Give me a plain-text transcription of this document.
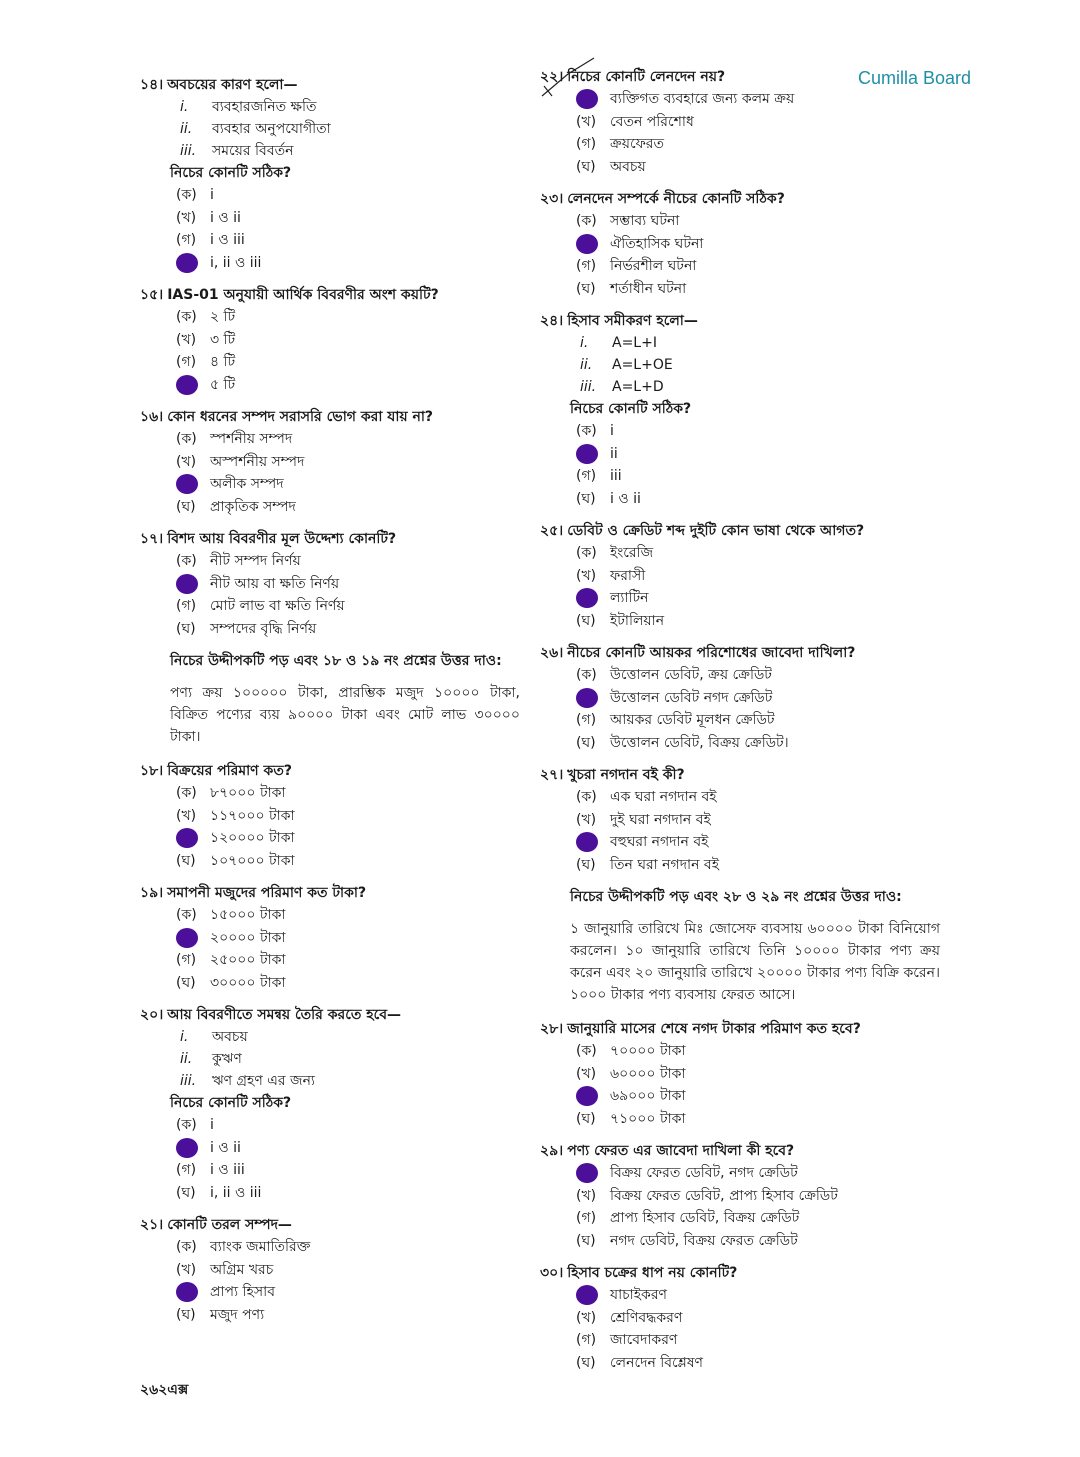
Cumilla Board
১৪। অবচয়ের কারণ হলো—
i. ব্যবহারজনিত ক্ষতি
ii. ব্যবহার অনুপযোগীতা
iii. সময়ের বিবর্তন
নিচের কোনটি সঠিক?
(ক) i
(খ) i ও ii
(গ) i ও iii
i, ii ও iii
১৫। IAS-01 অনুযায়ী আর্থিক বিবরণীর অংশ কয়টি?
(ক) ২ টি
(খ) ৩ টি
(গ) ৪ টি
৫ টি
১৬। কোন ধরনের সম্পদ সরাসরি ভোগ করা যায় না?
(ক) স্পর্শনীয় সম্পদ
(খ) অস্পর্শনীয় সম্পদ
অলীক সম্পদ
(ঘ) প্রাকৃতিক সম্পদ
১৭। বিশদ আয় বিবরণীর মূল উদ্দেশ্য কোনটি?
(ক) নীট সম্পদ নির্ণয়
নীট আয় বা ক্ষতি নির্ণয়
(গ) মোট লাভ বা ক্ষতি নির্ণয়
(ঘ) সম্পদের বৃদ্ধি নির্ণয়
নিচের উদ্দীপকটি পড় এবং ১৮ ও ১৯ নং প্রশ্নের উত্তর দাও:
পণ্য ক্রয় ১০০০০০ টাকা, প্রারম্ভিক মজুদ ১০০০০ টাকা, বিক্রিত পণ্যের ব্যয় ৯০০০০ টাকা এবং মোট লাভ ৩০০০০ টাকা।
১৮। বিক্রয়ের পরিমাণ কত?
(ক) ৮৭০০০ টাকা
(খ) ১১৭০০০ টাকা
১২০০০০ টাকা
(ঘ) ১০৭০০০ টাকা
১৯। সমাপনী মজুদের পরিমাণ কত টাকা?
(ক) ১৫০০০ টাকা
২০০০০ টাকা
(গ) ২৫০০০ টাকা
(ঘ) ৩০০০০ টাকা
২০। আয় বিবরণীতে সমন্বয় তৈরি করতে হবে—
i. অবচয়
ii. কুঋণ
iii. ঋণ গ্রহণ এর জন্য
নিচের কোনটি সঠিক?
(ক) i
i ও ii
(গ) i ও iii
(ঘ) i, ii ও iii
২১। কোনটি তরল সম্পদ—
(ক) ব্যাংক জমাতিরিক্ত
(খ) অগ্রিম খরচ
প্রাপ্য হিসাব
(ঘ) মজুদ পণ্য
২২। নিচের কোনটি লেনদেন নয়?
ব্যক্তিগত ব্যবহারে জন্য কলম ক্রয়
(খ) বেতন পরিশোধ
(গ) ক্রয়ফেরত
(ঘ) অবচয়
২৩। লেনদেন সম্পর্কে নীচের কোনটি সঠিক?
(ক) সম্ভাব্য ঘটনা
ঐতিহাসিক ঘটনা
(গ) নির্ভরশীল ঘটনা
(ঘ) শর্তাধীন ঘটনা
২৪। হিসাব সমীকরণ হলো—
i. A=L+I
ii. A=L+OE
iii. A=L+D
নিচের কোনটি সঠিক?
(ক) i
ii
(গ) iii
(ঘ) i ও ii
২৫। ডেবিট ও ক্রেডিট শব্দ দুইটি কোন ভাষা থেকে আগত?
(ক) ইংরেজি
(খ) ফরাসী
ল্যাটিন
(ঘ) ইটালিয়ান
২৬। নীচের কোনটি আয়কর পরিশোধের জাবেদা দাখিলা?
(ক) উত্তোলন ডেবিট, ক্রয় ক্রেডিট
উত্তোলন ডেবিট নগদ ক্রেডিট
(গ) আয়কর ডেবিট মূলধন ক্রেডিট
(ঘ) উত্তোলন ডেবিট, বিক্রয় ক্রেডিট।
২৭। খুচরা নগদান বই কী?
(ক) এক ঘরা নগদান বই
(খ) দুই ঘরা নগদান বই
বহুঘরা নগদান বই
(ঘ) তিন ঘরা নগদান বই
নিচের উদ্দীপকটি পড় এবং ২৮ ও ২৯ নং প্রশ্নের উত্তর দাও:
১ জানুয়ারি তারিখে মিঃ জোসেফ ব্যবসায় ৬০০০০ টাকা বিনিয়োগ করলেন। ১০ জানুয়ারি তারিখে তিনি ১০০০০ টাকার পণ্য ক্রয় করেন এবং ২০ জানুয়ারি তারিখে ২০০০০ টাকার পণ্য বিক্রি করেন। ১০০০ টাকার পণ্য ব্যবসায় ফেরত আসে।
২৮। জানুয়ারি মাসের শেষে নগদ টাকার পরিমাণ কত হবে?
(ক) ৭০০০০ টাকা
(খ) ৬০০০০ টাকা
৬৯০০০ টাকা
(ঘ) ৭১০০০ টাকা
২৯। পণ্য ফেরত এর জাবেদা দাখিলা কী হবে?
বিক্রয় ফেরত ডেবিট, নগদ ক্রেডিট
(খ) বিক্রয় ফেরত ডেবিট, প্রাপ্য হিসাব ক্রেডিট
(গ) প্রাপ্য হিসাব ডেবিট, বিক্রয় ক্রেডিট
(ঘ) নগদ ডেবিট, বিক্রয় ফেরত ক্রেডিট
৩০। হিসাব চক্রের ধাপ নয় কোনটি?
যাচাইকরণ
(খ) শ্রেণিবদ্ধকরণ
(গ) জাবেদাকরণ
(ঘ) লেনদেন বিশ্লেষণ
২৬২এক্স
